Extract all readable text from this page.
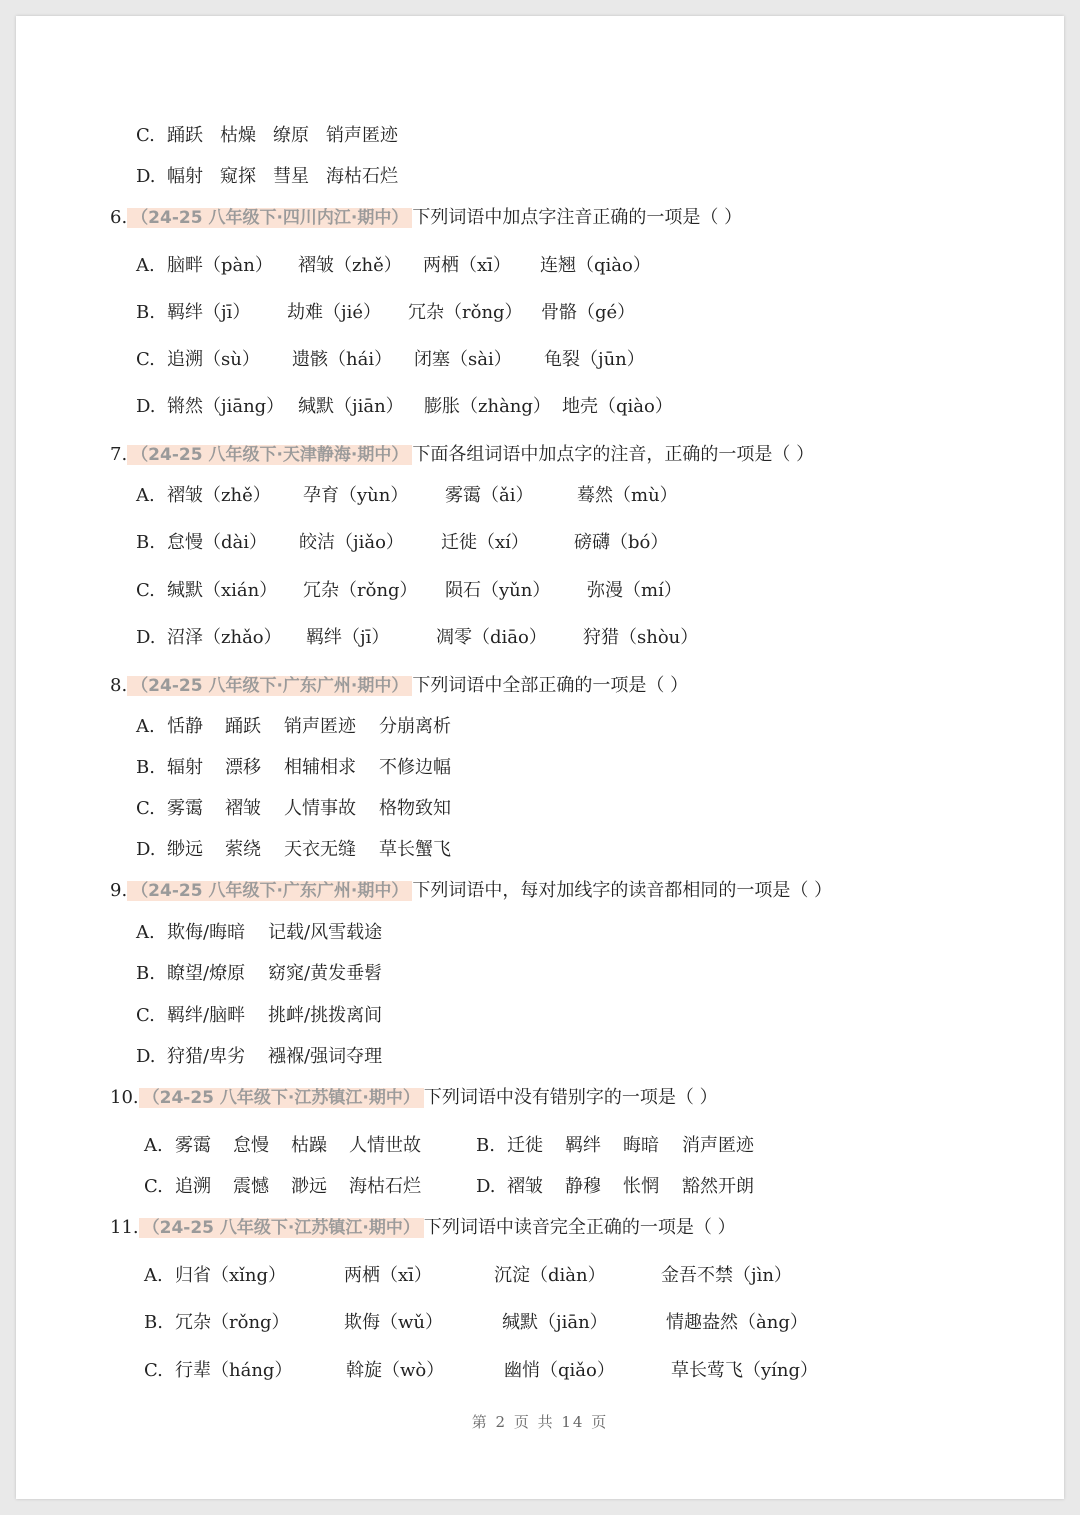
C. 踊跃 枯燥 缭原 销声匿迹
D. 幅射 窥探 彗星 海枯石烂
6. （24-25 八年级下·四川内江·期中） 下列词语中加点字注音正确的一项是（ ）
A. 脑畔（pàn） 褶皱（zhě） 两栖（xī） 连翘（qiào）
B. 羁绊（jī） 劫难（jié） 冗杂（rǒng） 骨骼（gé）
C. 追溯（sù） 遗骸（hái） 闭塞（sài） 龟裂（jūn）
D. 锵然（jiāng） 缄默（jiān） 膨胀（zhàng） 地壳（qiào）
7. （24-25 八年级下·天津静海·期中） 下面各组词语中加点字的注音，正确的一项是（ ）
A. 褶皱（zhě） 孕育（yùn） 雾霭（ǎi） 蓦然（mù）
B. 怠慢（dài） 皎洁（jiǎo） 迁徙（xí）	磅礴（bó）
C. 缄默（xián） 冗杂（rǒng） 陨石（yǔn） 弥漫（mí）
D. 沼泽（zhǎo） 羁绊（jī）	凋零（diāo） 狩猎（shòu）
8. （24-25 八年级下·广东广州·期中） 下列词语中全部正确的一项是（ ）
A. 恬静 踊跃 销声匿迹 分崩离析
B. 辐射 漂移 相辅相求 不修边幅
C. 雾霭 褶皱 人情事故 格物致知
D. 缈远 萦绕 天衣无缝 草长蟹飞
9. （24-25 八年级下·广东广州·期中） 下列词语中，每对加线字的读音都相同的一项是（ ）
A. 欺侮/晦暗 记载/风雪载途
B. 瞭望/燎原 窈窕/黄发垂髫
C. 羁绊/脑畔 挑衅/挑拨离间
D. 狩猎/卑劣 襁褓/强词夺理
10. （24-25 八年级下·江苏镇江·期中） 下列词语中没有错别字的一项是（ ）
A. 雾霭 怠慢 枯躁 人情世故	B. 迁徙 羁绊 晦暗 消声匿迹
C. 追溯 震憾 渺远 海枯石烂	D. 褶皱 静穆 怅惘 豁然开朗
11. （24-25 八年级下·江苏镇江·期中） 下列词语中读音完全正确的一项是（ ）
A. 归省（xǐng）	两栖（xī）	沉淀（diàn）	金吾不禁（jìn）
B. 冗杂（rǒng）	欺侮（wǔ）	缄默（jiān）	情趣盎然（àng）
C. 行辈（háng）	斡旋（wò）	幽悄（qiǎo）	草长莺飞（yíng）
第 2 页 共 14 页
